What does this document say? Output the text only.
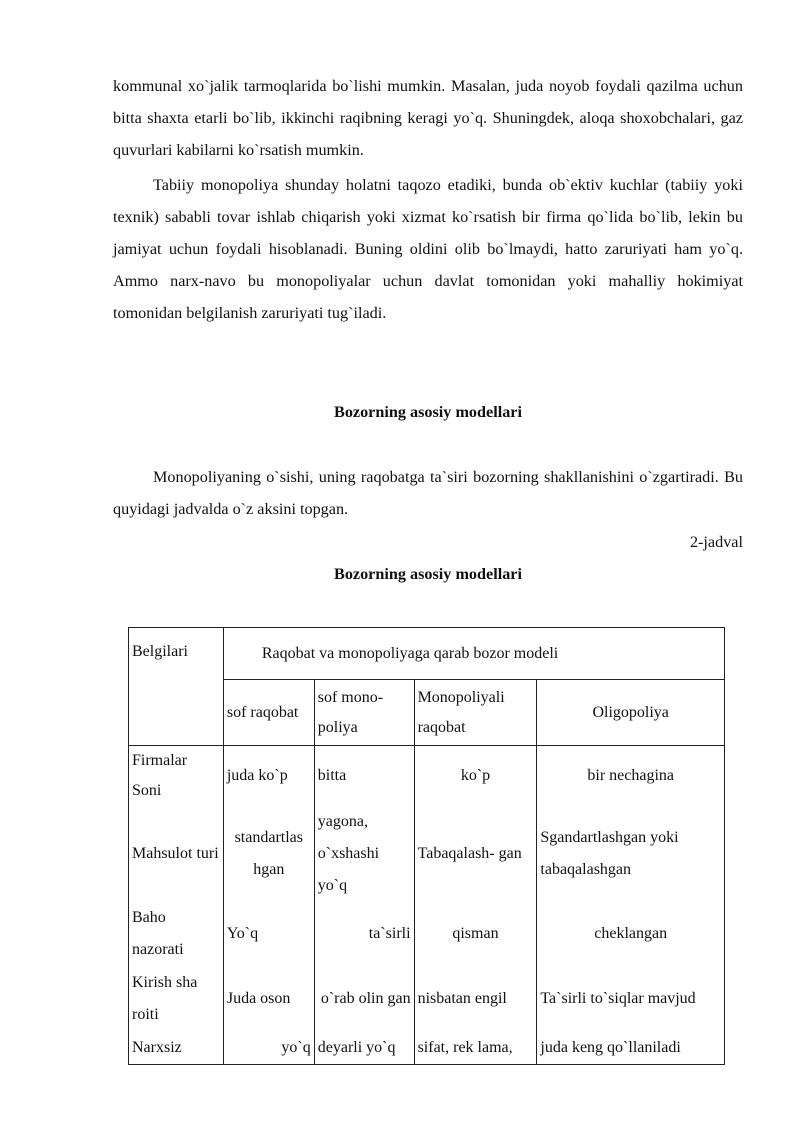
kommunal xo`jalik tarmoqlarida bo`lishi mumkin. Masalan, juda noyob foydali qazilma uchun bitta shaxta etarli bo`lib, ikkinchi raqibning keragi yo`q. Shuningdek, aloqa shoxobchalari, gaz quvurlari kabilarni ko`rsatish mumkin.

Tabiiy monopoliya shunday holatni taqozo etadiki, bunda ob`ektiv kuchlar (tabiiy yoki texnik) sababli tovar ishlab chiqarish yoki xizmat ko`rsatish bir firma qo`lida bo`lib, lekin bu jamiyat uchun foydali hisoblanadi. Buning oldini olib bo`lmaydi, hatto zaruriyati ham yo`q. Ammo narx-navo bu monopoliyalar uchun davlat tomonidan yoki mahalliy hokimiyat tomonidan belgilanish zaruriyati tug`iladi.

Bozorning asosiy modellari

Monopoliyaning o`sishi, uning raqobatga ta`siri bozorning shakllanishini o`zgartiradi. Bu quyidagi jadvalda o`z aksini topgan.

2-jadval
Bozorning asosiy modellari
Belgilari	Raqobat va monopoliyaga qarab bozor modeli			
	sof raqobat	sof mono- poliya	Monopoliyali raqobat	Oligopoliya
Firmalar Soni	juda ko`p	bitta	ko`p	bir nechagina
Mahsulot turi	standartlas hgan	yagona, o`xshashi yo`q	Tabaqalash- gan	Sgandartlashgan yoki tabaqalashgan
Baho nazorati	Yo`q	ta`sirli	qisman	cheklangan
Kirish sha roiti	Juda oson	o`rab olin gan	nisbatan engil	Ta`sirli to`siqlar mavjud
Narxsiz	yo`q	deyarli yo`q	sifat, rek lama,	juda keng qo`llaniladi
